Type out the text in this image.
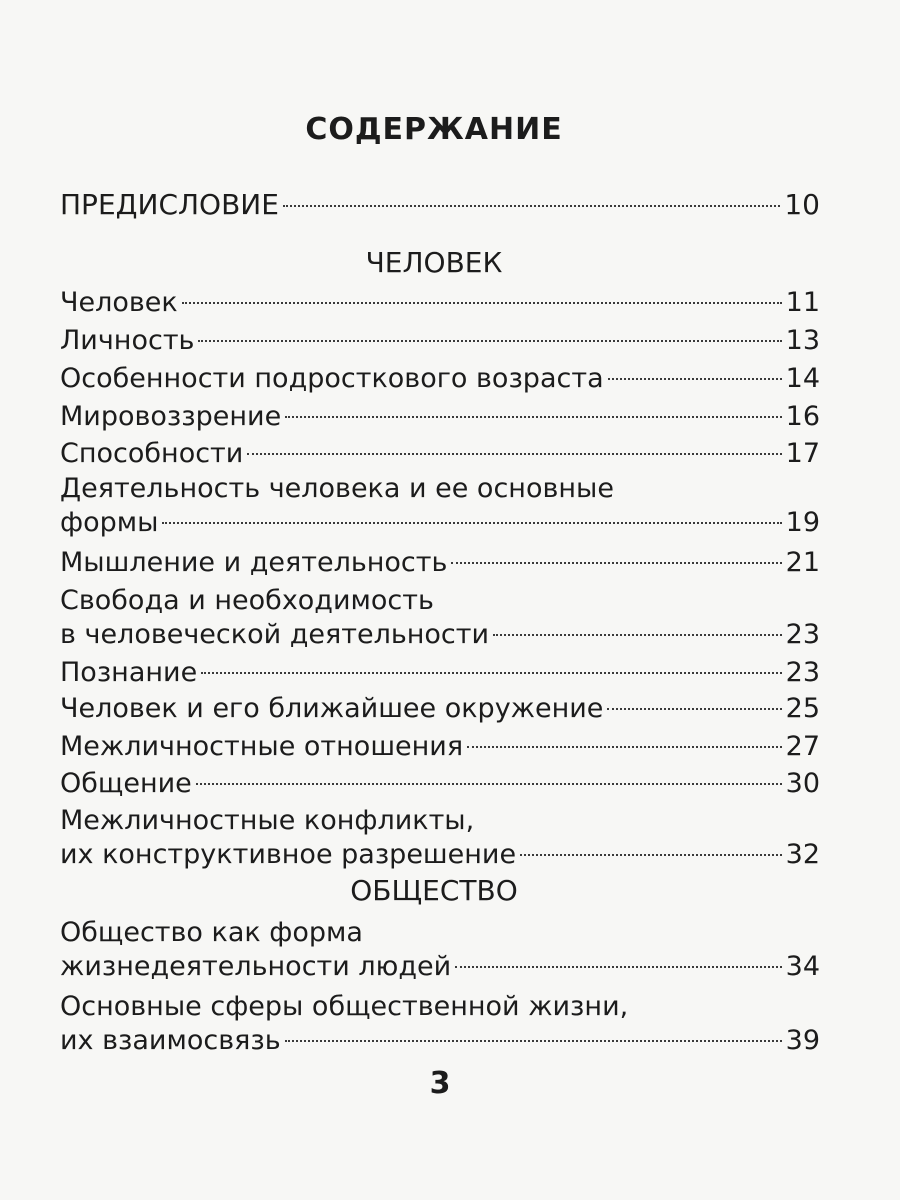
СОДЕРЖАНИЕ
ПРЕДИСЛОВИЕ	10
ЧЕЛОВЕК
Человек	11
Личность	13
Особенности подросткового возраста	14
Мировоззрение	16
Способности	17
Деятельность человека и ее основные
формы	19
Мышление и деятельность	21
Свобода и необходимость
в человеческой деятельности	23
Познание	23
Человек и его ближайшее окружение	25
Межличностные отношения	27
Общение	30
Межличностные конфликты,
их конструктивное разрешение	32
ОБЩЕСТВО
Общество как форма
жизнедеятельности людей	34
Основные сферы общественной жизни,
их взаимосвязь	39
3
